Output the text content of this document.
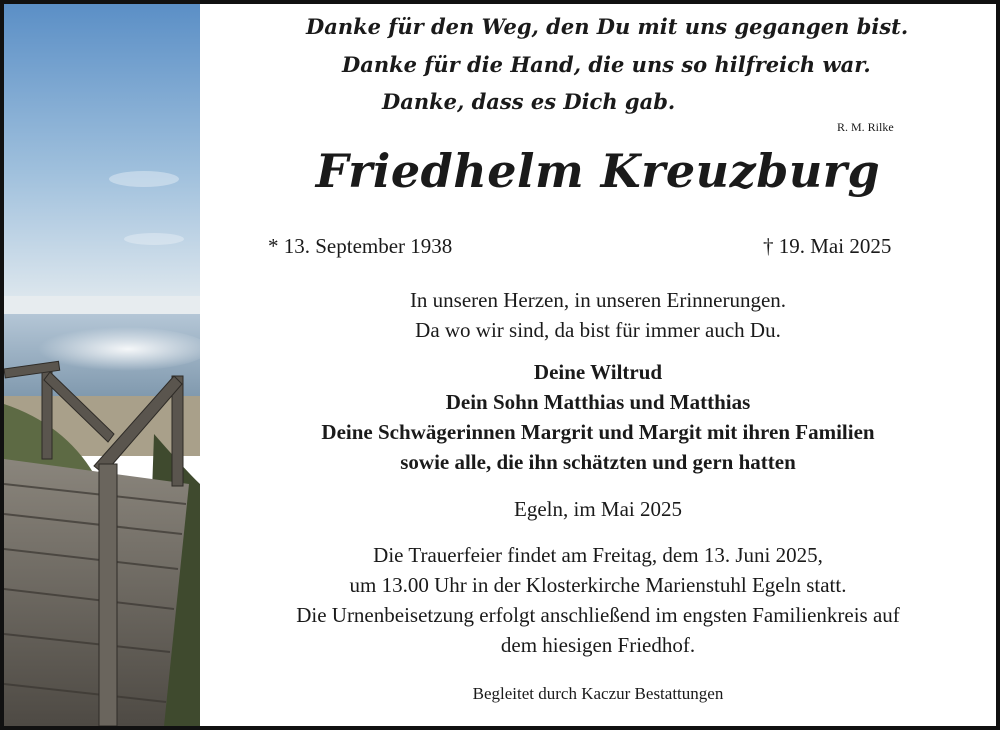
Danke für den Weg, den Du mit uns gegangen bist.
Danke für die Hand, die uns so hilfreich war.
Danke, dass es Dich gab.
R. M. Rilke
Friedhelm Kreuzburg
* 13. September 1938	† 19. Mai 2025
In unseren Herzen, in unseren Erinnerungen.
Da wo wir sind, da bist für immer auch Du.
Deine Wiltrud
Dein Sohn Matthias und Matthias
Deine Schwägerinnen Margrit und Margit mit ihren Familien
sowie alle, die ihn schätzten und gern hatten
Egeln, im Mai 2025
Die Trauerfeier findet am Freitag, dem 13. Juni 2025,
um 13.00 Uhr in der Klosterkirche Marienstuhl Egeln statt.
Die Urnenbeisetzung erfolgt anschließend im engsten Familienkreis auf
dem hiesigen Friedhof.
Begleitet durch Kaczur Bestattungen
